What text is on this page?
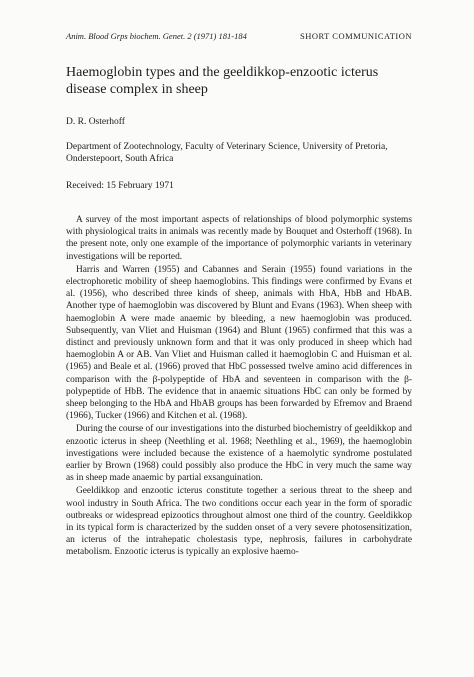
Anim. Blood Grps biochem. Genet. 2 (1971) 181-184	SHORT COMMUNICATION
Haemoglobin types and the geeldikkop-enzootic icterus disease complex in sheep
D. R. Osterhoff
Department of Zootechnology, Faculty of Veterinary Science, University of Pretoria, Onderstepoort, South Africa
Received: 15 February 1971

A survey of the most important aspects of relationships of blood polymorphic systems with physiological traits in animals was recently made by Bouquet and Osterhoff (1968). In the present note, only one example of the importance of polymorphic variants in veterinary investigations will be reported.

Harris and Warren (1955) and Cabannes and Serain (1955) found variations in the electrophoretic mobility of sheep haemoglobins. This findings were confirmed by Evans et al. (1956), who described three kinds of sheep, animals with HbA, HbB and HbAB. Another type of haemoglobin was discovered by Blunt and Evans (1963). When sheep with haemoglobin A were made anaemic by bleeding, a new haemoglobin was produced. Subsequently, van Vliet and Huisman (1964) and Blunt (1965) confirmed that this was a distinct and previously unknown form and that it was only produced in sheep which had haemoglobin A or AB. Van Vliet and Huisman called it haemoglobin C and Huisman et al. (1965) and Beale et al. (1966) proved that HbC possessed twelve amino acid differences in comparison with the β-polypeptide of HbA and seventeen in comparison with the β-polypeptide of HbB. The evidence that in anaemic situations HbC can only be formed by sheep belonging to the HbA and HbAB groups has been forwarded by Efremov and Braend (1966), Tucker (1966) and Kitchen et al. (1968).

During the course of our investigations into the disturbed biochemistry of geeldikkop and enzootic icterus in sheep (Neethling et al. 1968; Neethling et al., 1969), the haemoglobin investigations were included because the existence of a haemolytic syndrome postulated earlier by Brown (1968) could possibly also produce the HbC in very much the same way as in sheep made anaemic by partial exsanguination.

Geeldikkop and enzootic icterus constitute together a serious threat to the sheep and wool industry in South Africa. The two conditions occur each year in the form of sporadic outbreaks or widespread epizootics throughout almost one third of the country. Geeldikkop in its typical form is characterized by the sudden onset of a very severe photosensitization, an icterus of the intrahepatic cholestasis type, nephrosis, failures in carbohydrate metabolism. Enzootic icterus is typically an explosive haemo-
